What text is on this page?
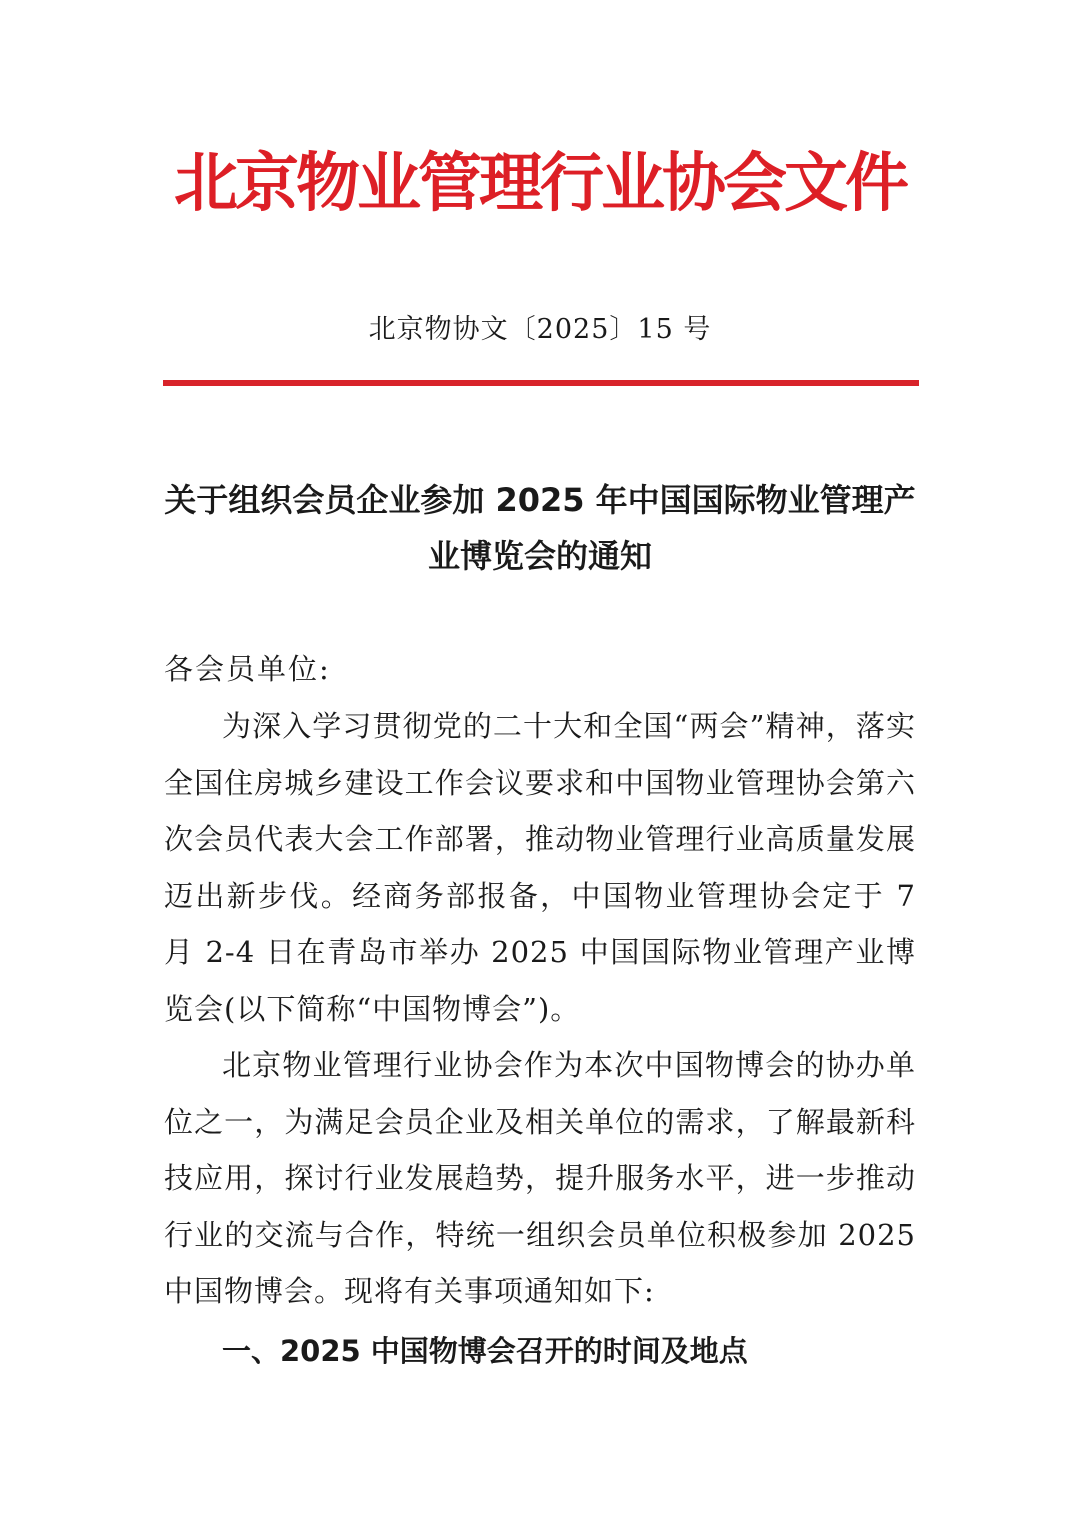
北京物业管理行业协会文件
北京物协文〔2025〕15 号
关于组织会员企业参加 2025 年中国国际物业管理产
业博览会的通知
各会员单位:

为深入学习贯彻党的二十大和全国“两会”精神，落实全国住房城乡建设工作会议要求和中国物业管理协会第六次会员代表大会工作部署，推动物业管理行业高质量发展迈出新步伐。经商务部报备，中国物业管理协会定于 7 月 2-4 日在青岛市举办 2025 中国国际物业管理产业博览会(以下简称“中国物博会”)。

北京物业管理行业协会作为本次中国物博会的协办单位之一，为满足会员企业及相关单位的需求，了解最新科技应用，探讨行业发展趋势，提升服务水平，进一步推动行业的交流与合作，特统一组织会员单位积极参加 2025 中国物博会。现将有关事项通知如下:

一、2025 中国物博会召开的时间及地点
